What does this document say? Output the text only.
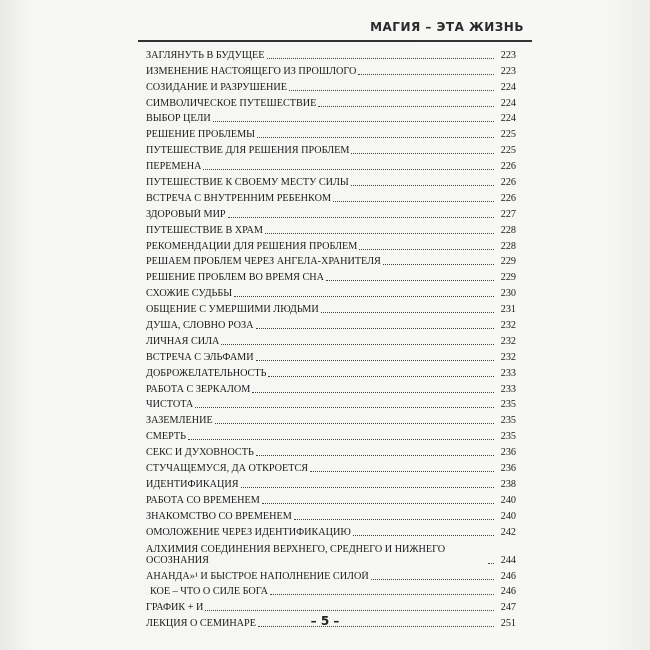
МАГИЯ – ЭТА ЖИЗНЬ
ЗАГЛЯНУТЬ В БУДУЩЕЕ	223
ИЗМЕНЕНИЕ НАСТОЯЩЕГО ИЗ ПРОШЛОГО	223
СОЗИДАНИЕ И РАЗРУШЕНИЕ	224
СИМВОЛИЧЕСКОЕ ПУТЕШЕСТВИЕ	224
ВЫБОР ЦЕЛИ	224
РЕШЕНИЕ ПРОБЛЕМЫ	225
ПУТЕШЕСТВИЕ ДЛЯ РЕШЕНИЯ ПРОБЛЕМ	225
ПЕРЕМЕНА	226
ПУТЕШЕСТВИЕ К СВОЕМУ МЕСТУ СИЛЫ	226
ВСТРЕЧА С ВНУТРЕННИМ РЕБЕНКОМ	226
ЗДОРОВЫЙ МИР	227
ПУТЕШЕСТВИЕ В ХРАМ	228
РЕКОМЕНДАЦИИ ДЛЯ РЕШЕНИЯ ПРОБЛЕМ	228
РЕШАЕМ ПРОБЛЕМ ЧЕРЕЗ АНГЕЛА-ХРАНИТЕЛЯ	229
РЕШЕНИЕ ПРОБЛЕМ ВО ВРЕМЯ СНА	229
СХОЖИЕ СУДЬБЫ	230
ОБЩЕНИЕ С УМЕРШИМИ ЛЮДЬМИ	231
ДУША, СЛОВНО РОЗА	232
ЛИЧНАЯ СИЛА	232
ВСТРЕЧА С ЭЛЬФАМИ	232
ДОБРОЖЕЛАТЕЛЬНОСТЬ	233
РАБОТА С ЗЕРКАЛОМ	233
ЧИСТОТА	235
ЗАЗЕМЛЕНИЕ	235
СМЕРТЬ	235
СЕКС И ДУХОВНОСТЬ	236
СТУЧАЩЕМУСЯ, ДА ОТКРОЕТСЯ	236
ИДЕНТИФИКАЦИЯ	238
РАБОТА СО ВРЕМЕНЕМ	240
ЗНАКОМСТВО СО ВРЕМЕНЕМ	240
ОМОЛОЖЕНИЕ ЧЕРЕЗ ИДЕНТИФИКАЦИЮ	242
АЛХИМИЯ СОЕДИНЕНИЯ ВЕРХНЕГО, СРЕДНЕГО И НИЖНЕГО ОСОЗНАНИЯ	244
АНАНДА»¹ И БЫСТРОЕ НАПОЛНЕНИЕ СИЛОЙ	246
КОЕ – ЧТО О СИЛЕ БОГА	246
ГРАФИК + И	247
ЛЕКЦИЯ О СЕМИНАРЕ	251
– 5 –
